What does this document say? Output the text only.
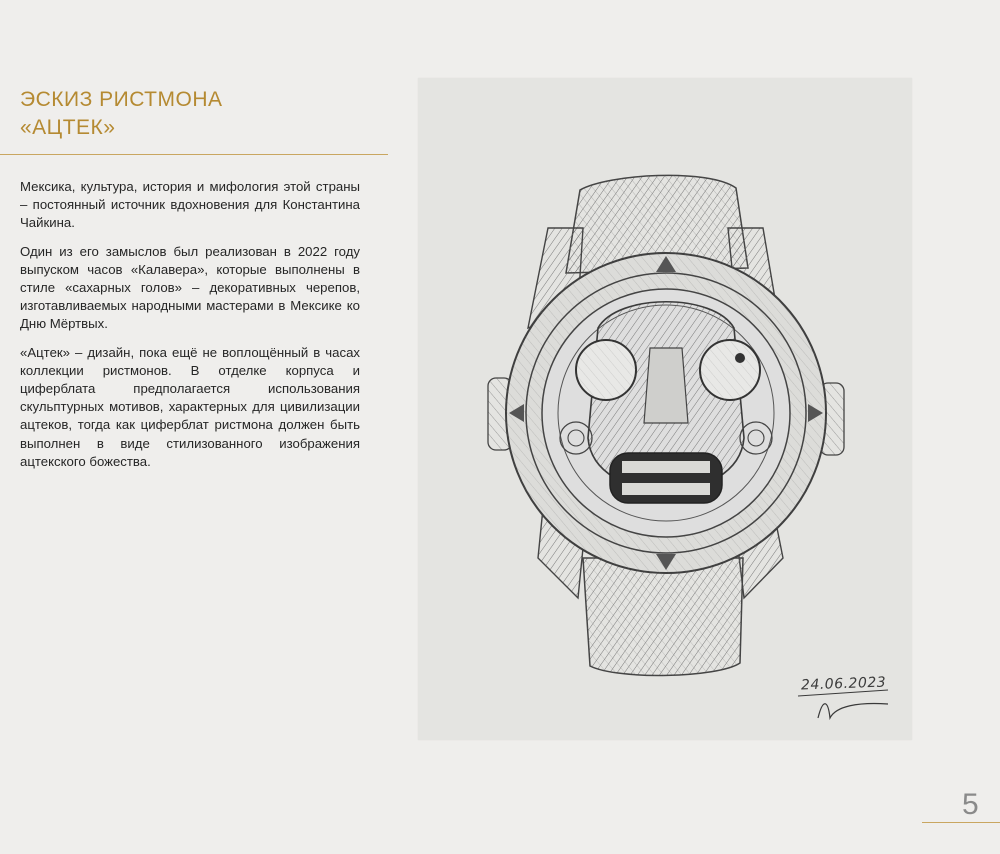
ЭСКИЗ РИСТМОНА
«АЦТЕК»

Мексика, культура, история и мифология этой страны – постоянный источник вдохновения для Константина Чайкина.

Один из его замыслов был реализован в 2022 году выпуском часов «Калавера», которые выполнены в стиле «сахарных голов» – декоративных черепов, изготавливаемых народными мастерами в Мексике ко Дню Мёртвых.

«Ацтек» – дизайн, пока ещё не воплощённый в часах коллекции ристмонов. В отделке корпуса и циферблата предполагается использования скульптурных мотивов, характерных для цивилизации ацтеков, тогда как циферблат ристмона должен быть выполнен в виде стилизованного изображения ацтекского божества.

24.06.2023
5
